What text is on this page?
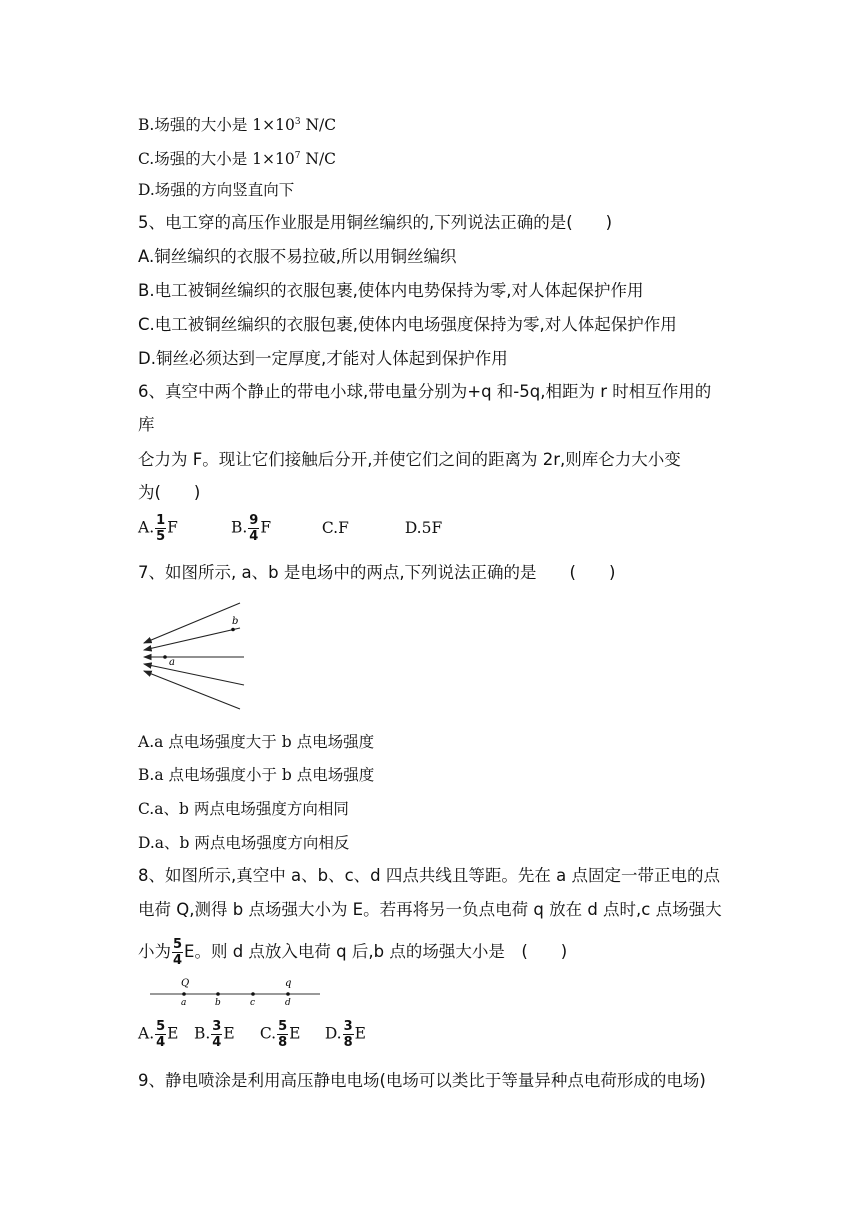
B.场强的大小是 $1\times 10^3$ N/C
C.场强的大小是 $1\times 10^7$ N/C
D.场强的方向竖直向下
5、电工穿的高压作业服是用铜丝编织的,下列说法正确的是(　　)
A.铜丝编织的衣服不易拉破,所以用铜丝编织
B.电工被铜丝编织的衣服包裹,使体内电势保持为零,对人体起保护作用
C.电工被铜丝编织的衣服包裹,使体内电场强度保持为零,对人体起保护作用
D.铜丝必须达到一定厚度,才能对人体起到保护作用
6、真空中两个静止的带电小球,带电量分别为+q 和-5q,相距为 r 时相互作用的
库
仑力为 F。现让它们接触后分开,并使它们之间的距离为 2r,则库仑力大小变
为(　　)
A. $\frac{1}{5}$ F	B. $\frac{9}{4}$ F	C.F	D.5F
7、如图所示, a、b 是电场中的两点,下列说法正确的是　　(　　)
a
b
A.a 点电场强度大于 b 点电场强度
B.a 点电场强度小于 b 点电场强度
C.a、b 两点电场强度方向相同
D.a、b 两点电场强度方向相反
8、如图所示,真空中 a、b、c、d 四点共线且等距。先在 a 点固定一带正电的点
电荷 Q,测得 b 点场强大小为 E。若再将另一负点电荷 q 放在 d 点时,c 点场强大
小为 $\frac{5}{4}$ E。则 d 点放入电荷 q 后,b 点的场强大小是　(　　)
Q	q
a	b	c	d
A. $\frac{5}{4}$ E B. $\frac{3}{4}$ E C. $\frac{5}{8}$ E D. $\frac{3}{8}$ E
9、静电喷涂是利用高压静电电场(电场可以类比于等量异种点电荷形成的电场)
